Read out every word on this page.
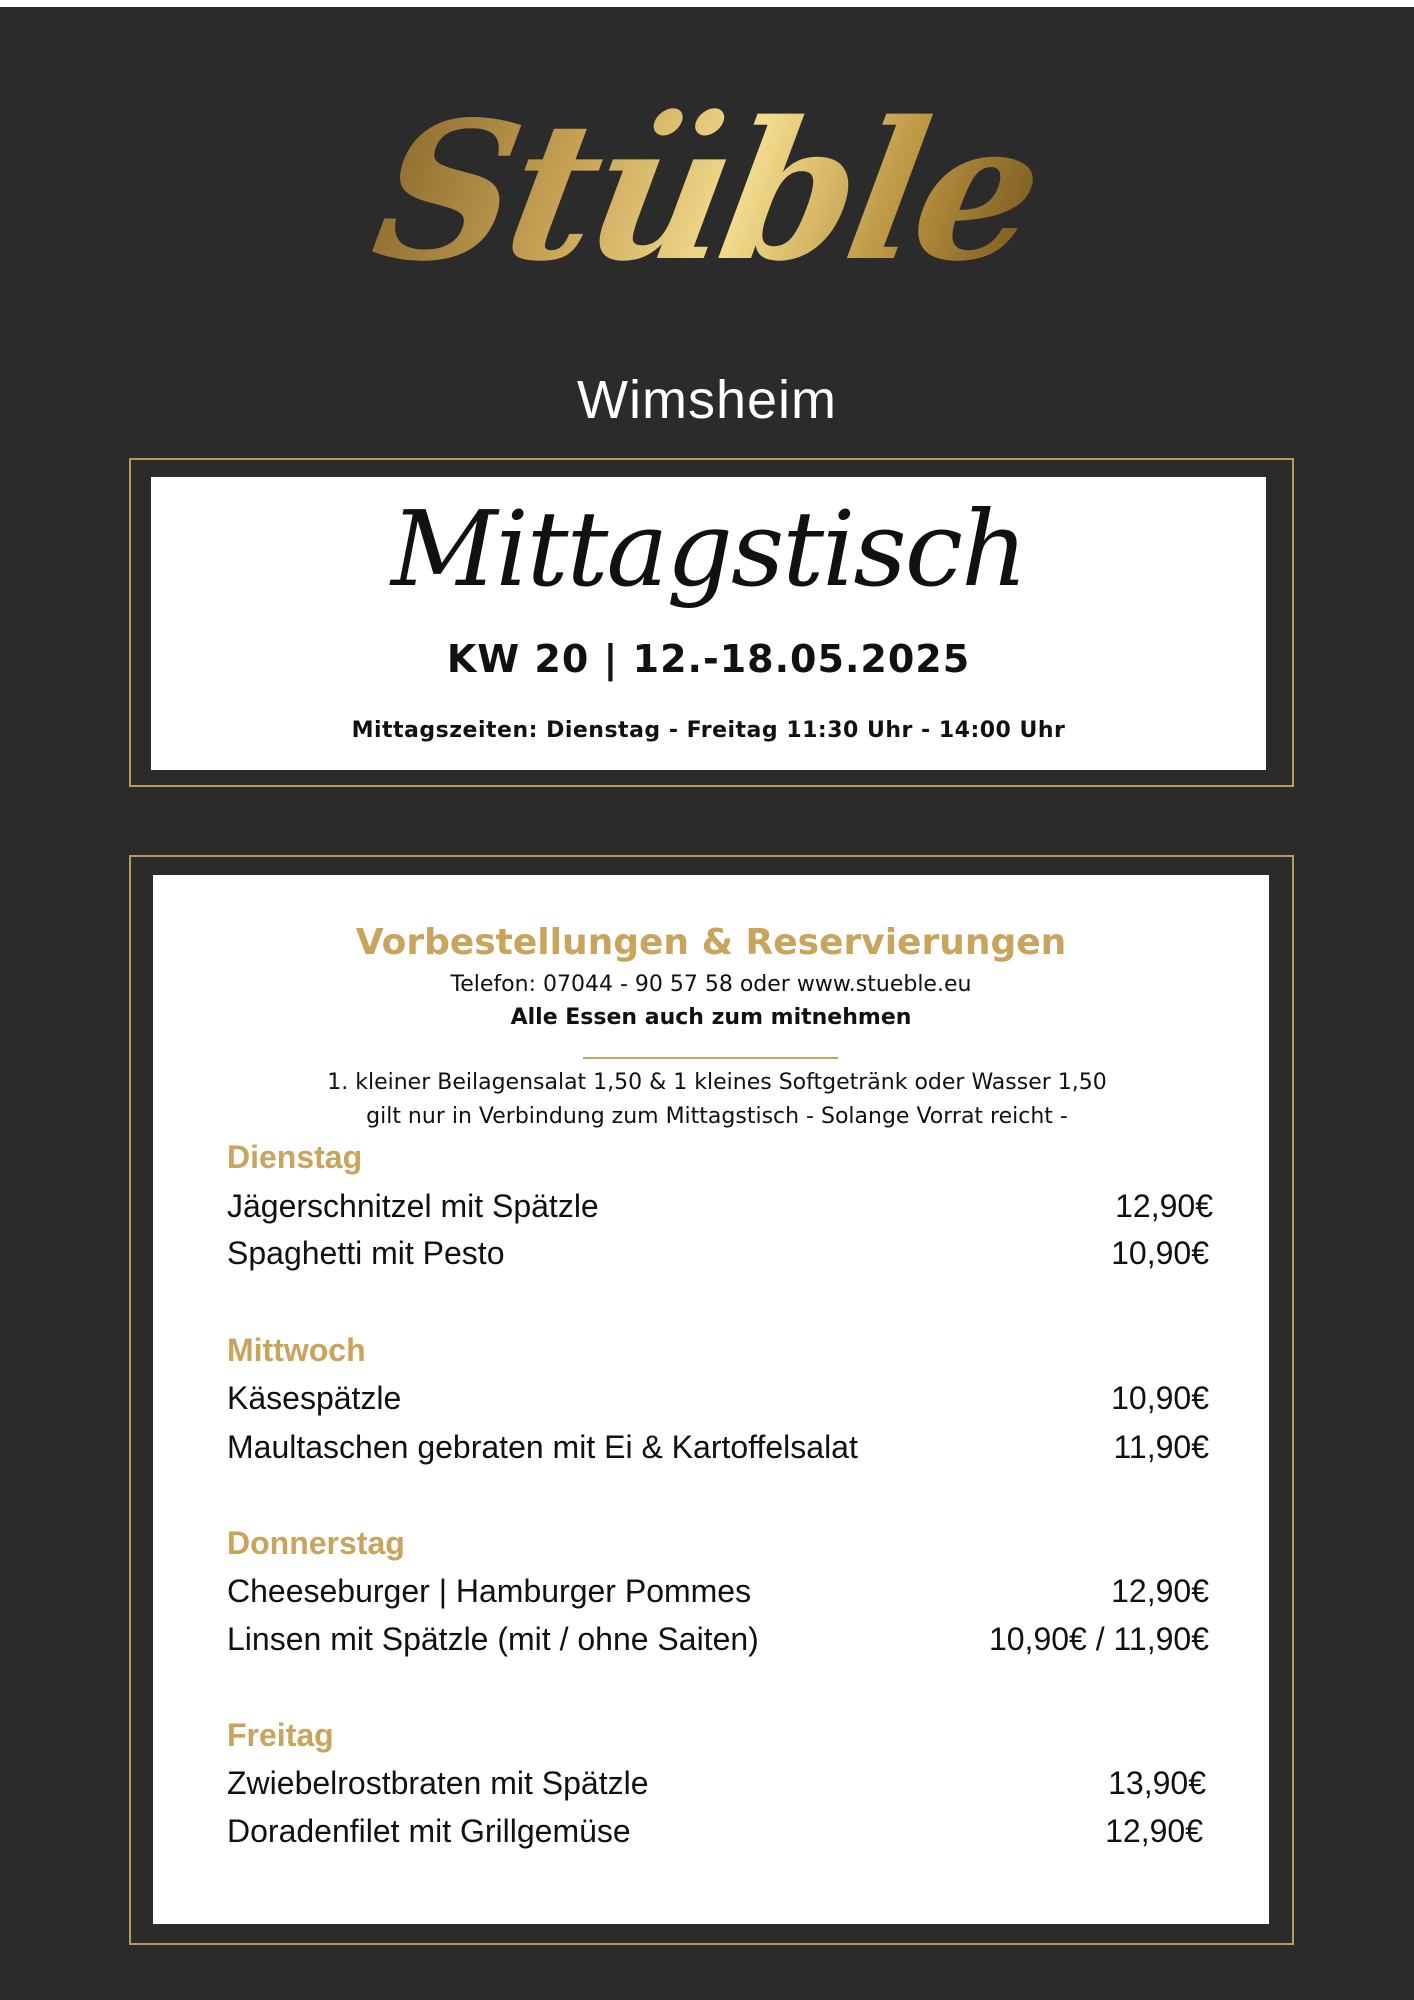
Stüble
Wimsheim
Mittagstisch
KW 20 | 12.-18.05.2025
Mittagszeiten: Dienstag - Freitag 11:30 Uhr - 14:00 Uhr
Vorbestellungen & Reservierungen
Telefon: 07044 - 90 57 58 oder www.stueble.eu
Alle Essen auch zum mitnehmen
1. kleiner Beilagensalat 1,50 & 1 kleines Softgetränk oder Wasser 1,50
gilt nur in Verbindung zum Mittagstisch - Solange Vorrat reicht -
Dienstag
Jägerschnitzel mit Spätzle	12,90€
Spaghetti mit Pesto	10,90€
Mittwoch
Käsespätzle	10,90€
Maultaschen gebraten mit Ei & Kartoffelsalat	11,90€
Donnerstag
Cheeseburger | Hamburger Pommes	12,90€
Linsen mit Spätzle (mit / ohne Saiten)	10,90€ / 11,90€
Freitag
Zwiebelrostbraten mit Spätzle	13,90€
Doradenfilet mit Grillgemüse	12,90€
